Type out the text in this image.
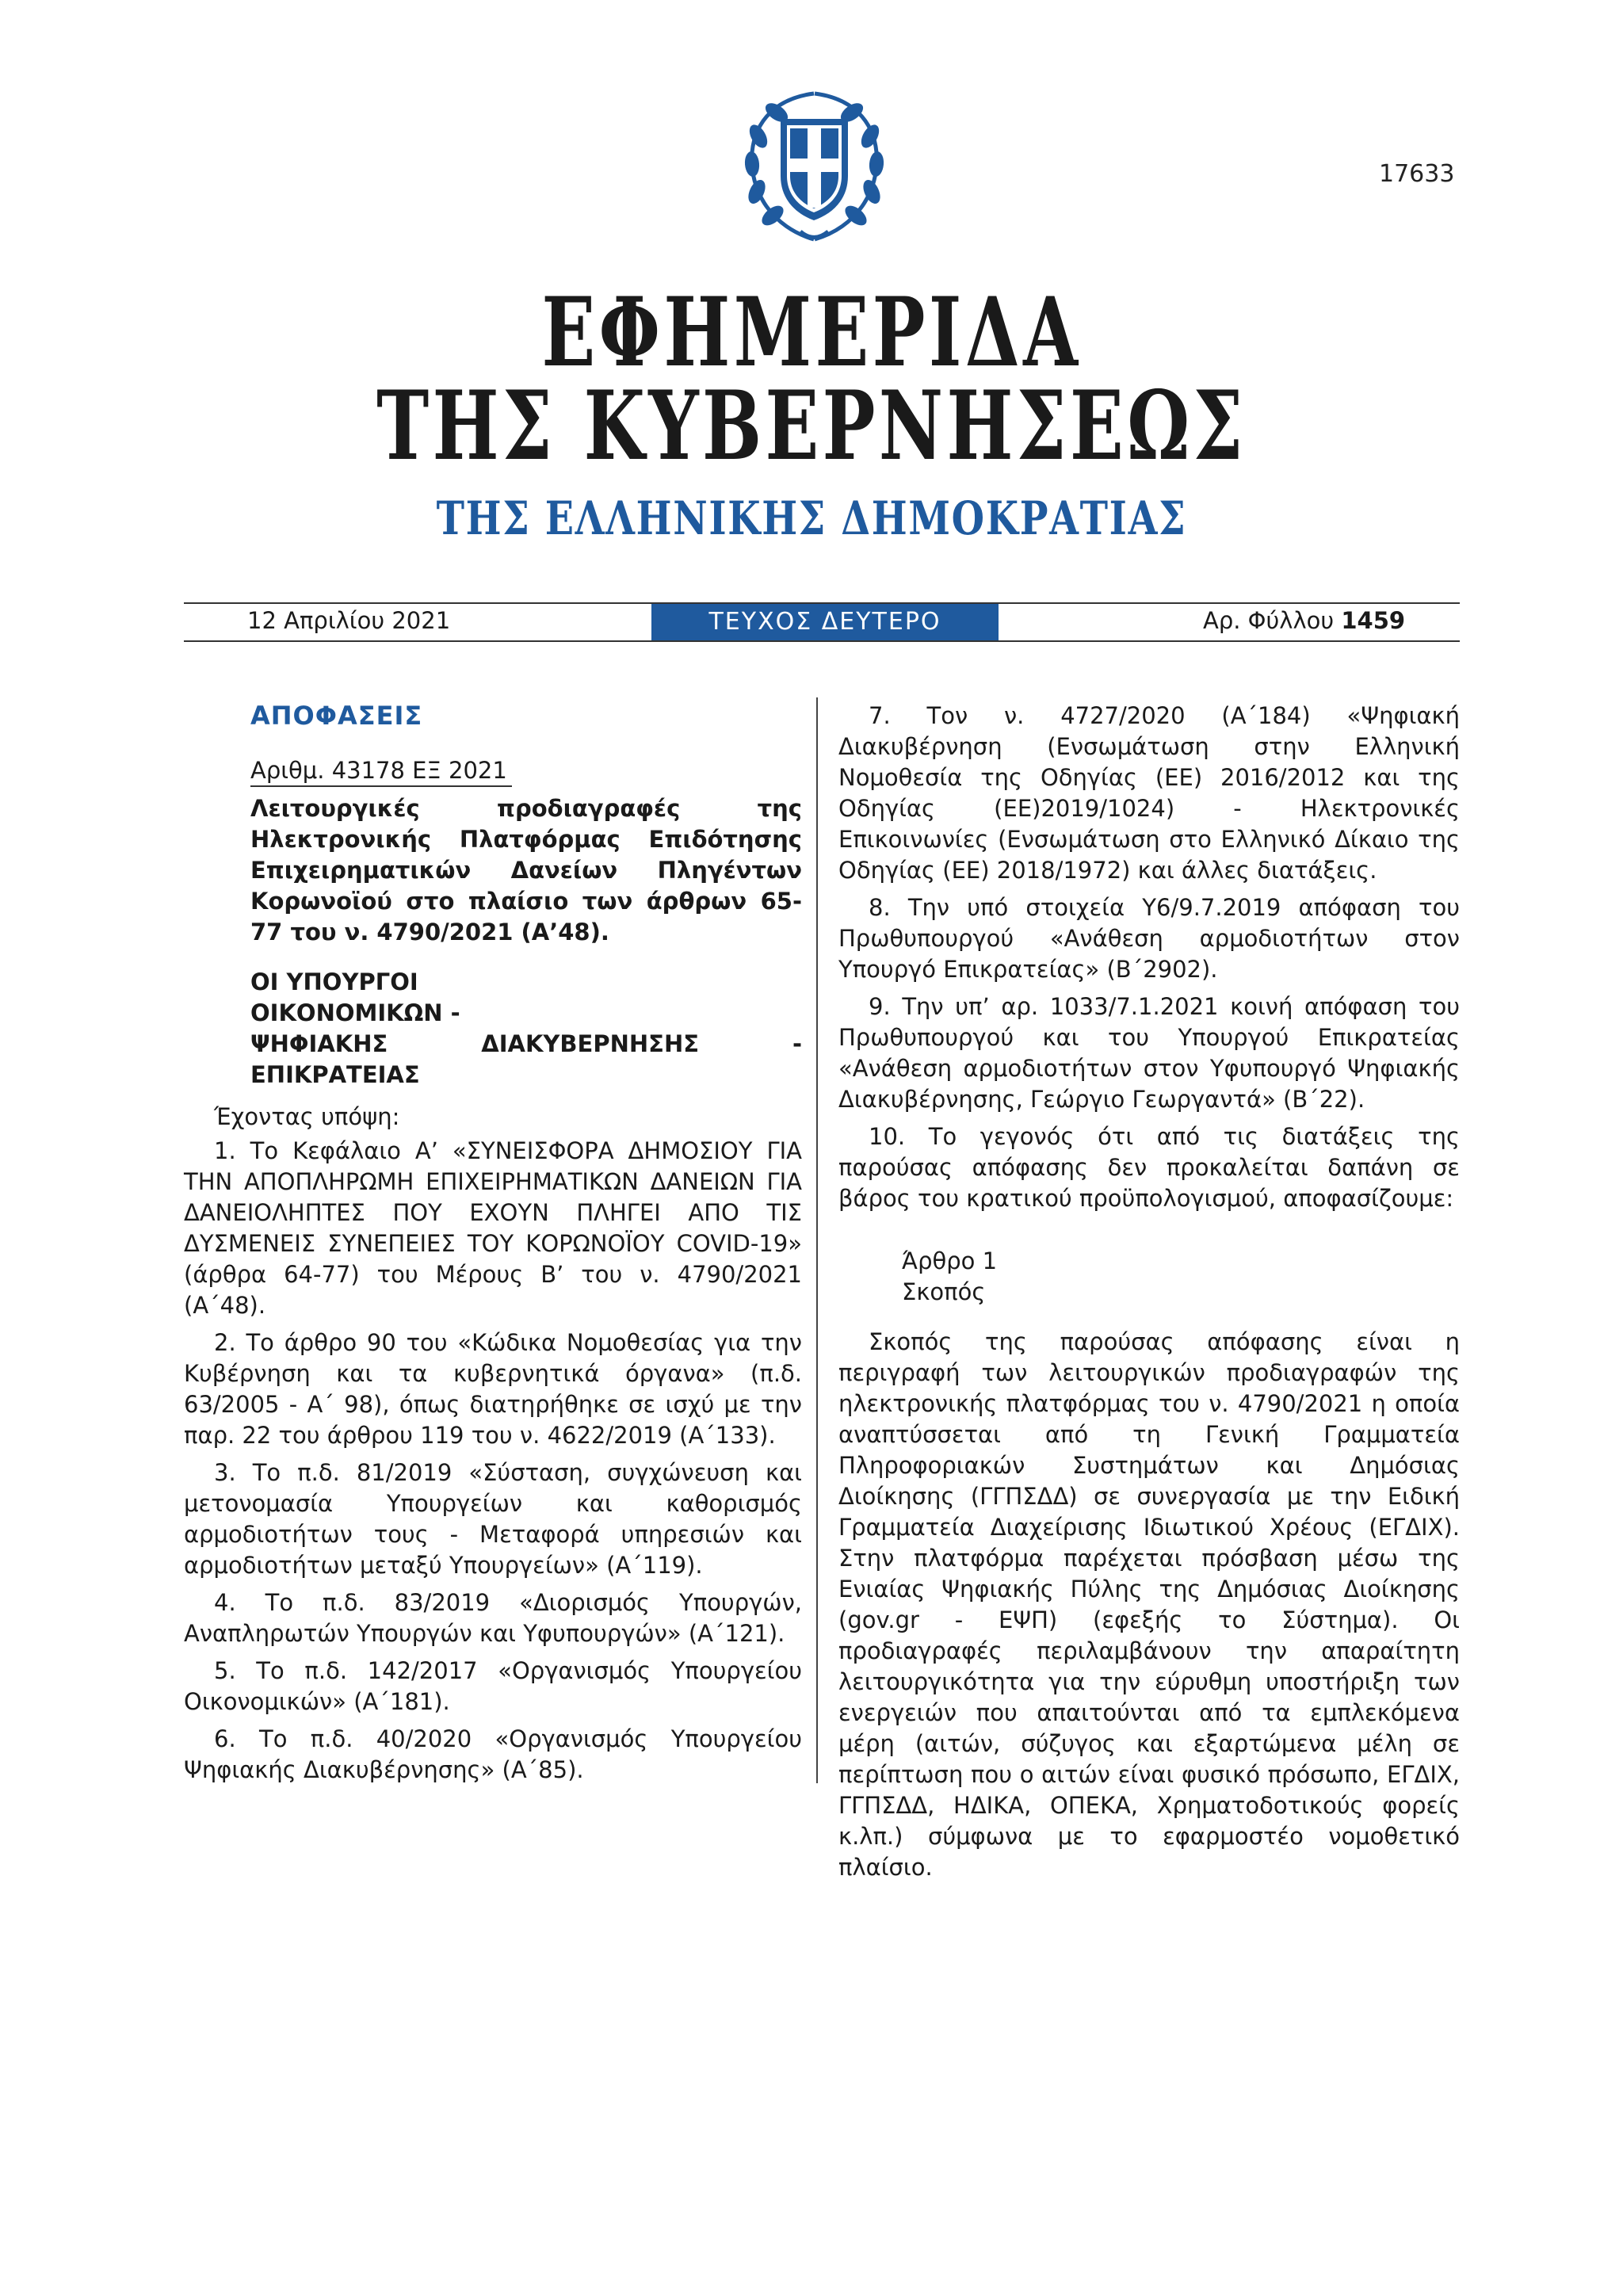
17633
ΕΦΗΜΕΡΙΔΑ
ΤΗΣ ΚΥΒΕΡΝΗΣΕΩΣ
ΤΗΣ ΕΛΛΗΝΙΚΗΣ ΔΗΜΟΚΡΑΤΙΑΣ
12 Απριλίου 2021	ΤΕΥΧΟΣ ΔΕΥΤΕΡΟ	Αρ. Φύλλου 1459
ΑΠΟΦΑΣΕΙΣ
Αριθμ. 43178 ΕΞ 2021
Λειτουργικές προδιαγραφές της Ηλεκτρονικής Πλατφόρμας Επιδότησης Επιχειρηματικών Δανείων Πληγέντων Κορωνοϊού στο πλαίσιο των άρθρων 65-77 του ν. 4790/2021 (Α’48).
ΟΙ ΥΠΟΥΡΓΟΙ
ΟΙΚΟΝΟΜΙΚΩΝ -
ΨΗΦΙΑΚΗΣ ΔΙΑΚΥΒΕΡΝΗΣΗΣ - ΕΠΙΚΡΑΤΕΙΑΣ
Έχοντας υπόψη:

1. Το Κεφάλαιο Α’ «ΣΥΝΕΙΣΦΟΡΑ ΔΗΜΟΣΙΟΥ ΓΙΑ ΤΗΝ ΑΠΟΠΛΗΡΩΜΗ ΕΠΙΧΕΙΡΗΜΑΤΙΚΩΝ ΔΑΝΕΙΩΝ ΓΙΑ ΔΑΝΕΙΟΛΗΠΤΕΣ ΠΟΥ ΕΧΟΥΝ ΠΛΗΓΕΙ ΑΠΟ ΤΙΣ ΔΥΣΜΕΝΕΙΣ ΣΥΝΕΠΕΙΕΣ ΤΟΥ ΚΟΡΩΝΟΪΟΥ COVID-19» (άρθρα 64-77) του Μέρους Β’ του ν. 4790/2021 (Α΄48).

2. Το άρθρο 90 του «Κώδικα Νομοθεσίας για την Κυβέρνηση και τα κυβερνητικά όργανα» (π.δ. 63/2005 - Α΄ 98), όπως διατηρήθηκε σε ισχύ με την παρ. 22 του άρθρου 119 του ν. 4622/2019 (Α΄133).

3. Το π.δ. 81/2019 «Σύσταση, συγχώνευση και μετονομασία Υπουργείων και καθορισμός αρμοδιοτήτων τους - Μεταφορά υπηρεσιών και αρμοδιοτήτων μεταξύ Υπουργείων» (Α΄119).

4. Το π.δ. 83/2019 «Διορισμός Υπουργών, Αναπληρωτών Υπουργών και Υφυπουργών» (Α΄121).

5. Το π.δ. 142/2017 «Οργανισμός Υπουργείου Οικονομικών» (Α΄181).

6. Το π.δ. 40/2020 «Οργανισμός Υπουργείου Ψηφιακής Διακυβέρνησης» (Α΄85).

7. Τον ν. 4727/2020 (Α΄184) «Ψηφιακή Διακυβέρνηση (Ενσωμάτωση στην Ελληνική Νομοθεσία της Οδηγίας (ΕΕ) 2016/2012 και της Οδηγίας (ΕΕ)2019/1024) - Ηλεκτρονικές Επικοινωνίες (Ενσωμάτωση στο Ελληνικό Δίκαιο της Οδηγίας (ΕΕ) 2018/1972) και άλλες διατάξεις.

8. Την υπό στοιχεία Υ6/9.7.2019 απόφαση του Πρωθυπουργού «Ανάθεση αρμοδιοτήτων στον Υπουργό Επικρατείας» (Β΄2902).

9. Την υπ’ αρ. 1033/7.1.2021 κοινή απόφαση του Πρωθυπουργού και του Υπουργού Επικρατείας «Ανάθεση αρμοδιοτήτων στον Υφυπουργό Ψηφιακής Διακυβέρνησης, Γεώργιο Γεωργαντά» (Β΄22).

10. Το γεγονός ότι από τις διατάξεις της παρούσας απόφασης δεν προκαλείται δαπάνη σε βάρος του κρατικού προϋπολογισμού, αποφασίζουμε:

Άρθρο 1
Σκοπός

Σκοπός της παρούσας απόφασης είναι η περιγραφή των λειτουργικών προδιαγραφών της ηλεκτρονικής πλατφόρμας του ν. 4790/2021 η οποία αναπτύσσεται από τη Γενική Γραμματεία Πληροφοριακών Συστημάτων και Δημόσιας Διοίκησης (ΓΓΠΣΔΔ) σε συνεργασία με την Ειδική Γραμματεία Διαχείρισης Ιδιωτικού Χρέους (ΕΓΔΙΧ). Στην πλατφόρμα παρέχεται πρόσβαση μέσω της Ενιαίας Ψηφιακής Πύλης της Δημόσιας Διοίκησης (gov.gr - ΕΨΠ) (εφεξής το Σύστημα). Οι προδιαγραφές περιλαμβάνουν την απαραίτητη λειτουργικότητα για την εύρυθμη υποστήριξη των ενεργειών που απαιτούνται από τα εμπλεκόμενα μέρη (αιτών, σύζυγος και εξαρτώμενα μέλη σε περίπτωση που ο αιτών είναι φυσικό πρόσωπο, ΕΓΔΙΧ, ΓΓΠΣΔΔ, ΗΔΙΚΑ, ΟΠΕΚΑ, Χρηματοδοτικούς φορείς κ.λπ.) σύμφωνα με το εφαρμοστέο νομοθετικό πλαίσιο.
